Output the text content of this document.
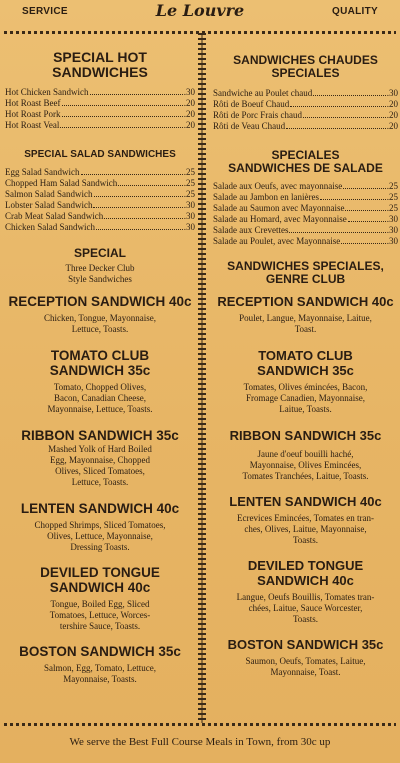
SERVICE	Le Louvre	QUALITY
SPECIAL HOT SANDWICHES
Hot Chicken Sandwich	.30
Hot Roast Beef	.20
Hot Roast Pork	.20
Hot Roast Veal	.20
SPECIAL SALAD SANDWICHES
Egg Salad Sandwich	.25
Chopped Ham Salad Sandwich	.25
Salmon Salad Sandwich	.25
Lobster Salad Sandwich	.30
Crab Meat Salad Sandwich	.30
Chicken Salad Sandwich	.30
SPECIAL
Three Decker Club
Style Sandwiches
RECEPTION SANDWICH 40c
Chicken, Tongue, Mayonnaise,
Lettuce, Toasts.
TOMATO CLUB
SANDWICH 35c
Tomato, Chopped Olives,
Bacon, Canadian Cheese,
Mayonnaise, Lettuce, Toasts.
RIBBON SANDWICH 35c
Mashed Yolk of Hard Boiled
Egg, Mayonnaise, Chopped
Olives, Sliced Tomatoes,
Lettuce, Toasts.
LENTEN SANDWICH 40c
Chopped Shrimps, Sliced Tomatoes,
Olives, Lettuce, Mayonnaise,
Dressing Toasts.
DEVILED TONGUE
SANDWICH 40c
Tongue, Boiled Egg, Sliced
Tomatoes, Lettuce, Worces-
tershire Sauce, Toasts.
BOSTON SANDWICH 35c
Salmon, Egg, Tomato, Lettuce,
Mayonnaise, Toasts.
SANDWICHES CHAUDES
SPECIALES
Sandwiche au Poulet chaud	.30
Rôti de Boeuf Chaud	.20
Rôti de Porc Frais chaud	.20
Rôti de Veau Chaud	.20
SPECIALES
SANDWICHES DE SALADE
Salade aux Oeufs, avec mayonnaise	.25
Salade au Jambon en lanières	.25
Salade au Saumon avec Mayonnaise	.25
Salade au Homard, avec Mayonnaise	.30
Salade aux Crevettes	.30
Salade au Poulet, avec Mayonnaise	.30
SANDWICHES SPECIALES,
GENRE CLUB
RECEPTION SANDWICH 40c
Poulet, Langue, Mayonnaise, Laitue,
Toast.
TOMATO CLUB
SANDWICH 35c
Tomates, Olives émincées, Bacon,
Fromage Canadien, Mayonnaise,
Laitue, Toasts.
RIBBON SANDWICH 35c
Jaune d'oeuf bouilli haché,
Mayonnaise, Olives Emincées,
Tomates Tranchées, Laitue, Toasts.
LENTEN SANDWICH 40c
Ecrevices Emincées, Tomates en tran-
ches, Olives, Laitue, Mayonnaise,
Toasts.
DEVILED TONGUE
SANDWICH 40c
Langue, Oeufs Bouillis, Tomates tran-
chées, Laitue, Sauce Worcester,
Toasts.
BOSTON SANDWICH 35c
Saumon, Oeufs, Tomates, Laitue,
Mayonnaise, Toast.
We serve the Best Full Course Meals in Town, from 30c up
